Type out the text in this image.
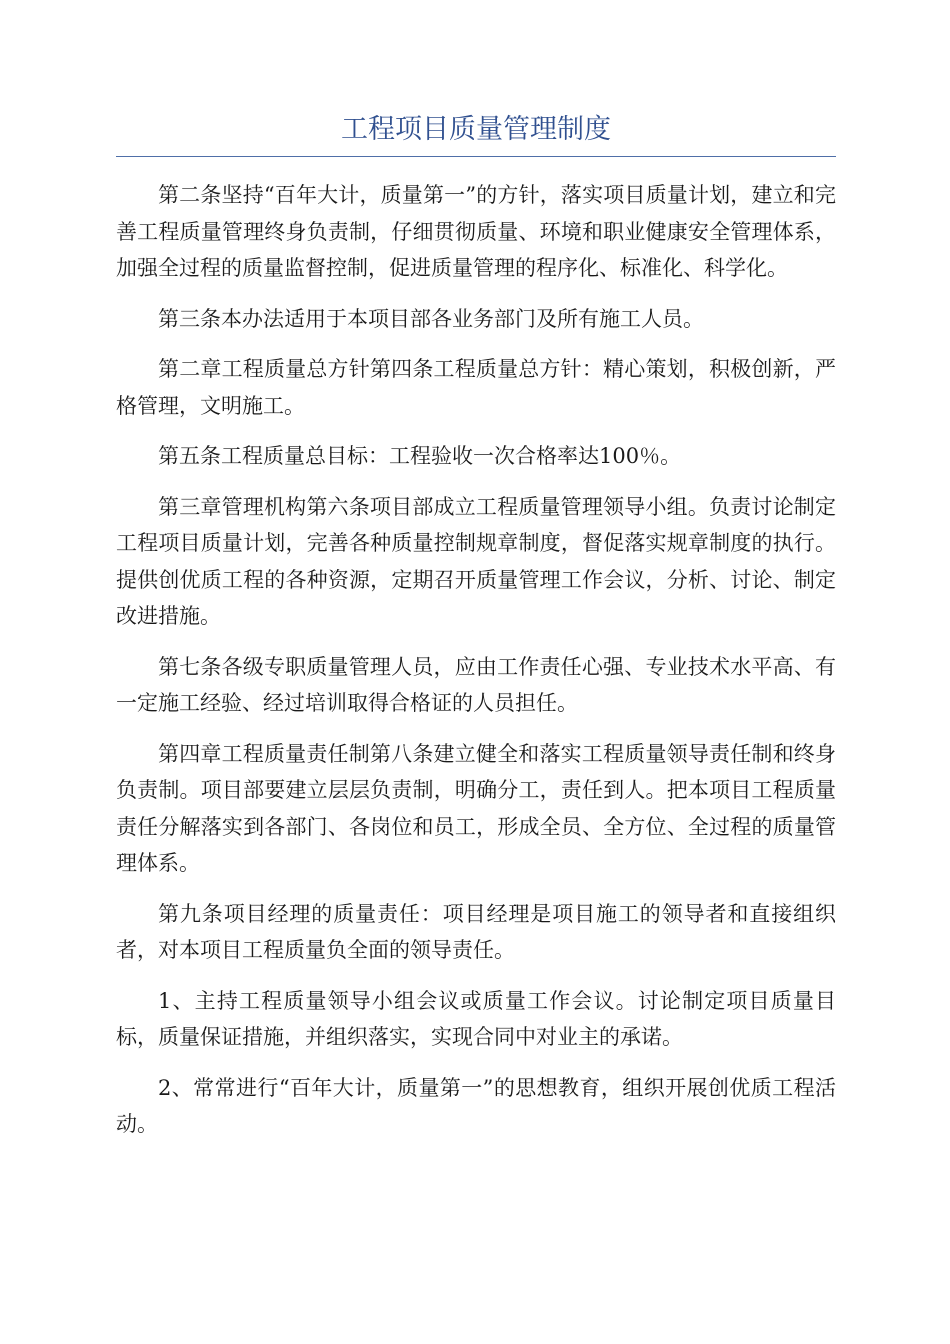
工程项目质量管理制度

第二条坚持“百年大计，质量第一”的方针，落实项目质量计划，建立和完善工程质量管理终身负责制，仔细贯彻质量、环境和职业健康安全管理体系，加强全过程的质量监督控制，促进质量管理的程序化、标准化、科学化。

第三条本办法适用于本项目部各业务部门及所有施工人员。

第二章工程质量总方针第四条工程质量总方针：精心策划，积极创新，严格管理，文明施工。

第五条工程质量总目标：工程验收一次合格率达100％。

第三章管理机构第六条项目部成立工程质量管理领导小组。负责讨论制定工程项目质量计划，完善各种质量控制规章制度，督促落实规章制度的执行。提供创优质工程的各种资源，定期召开质量管理工作会议，分析、讨论、制定改进措施。

第七条各级专职质量管理人员，应由工作责任心强、专业技术水平高、有一定施工经验、经过培训取得合格证的人员担任。

第四章工程质量责任制第八条建立健全和落实工程质量领导责任制和终身负责制。项目部要建立层层负责制，明确分工，责任到人。把本项目工程质量责任分解落实到各部门、各岗位和员工，形成全员、全方位、全过程的质量管理体系。

第九条项目经理的质量责任：项目经理是项目施工的领导者和直接组织者，对本项目工程质量负全面的领导责任。

1、主持工程质量领导小组会议或质量工作会议。讨论制定项目质量目标，质量保证措施，并组织落实，实现合同中对业主的承诺。

2、常常进行“百年大计，质量第一”的思想教育，组织开展创优质工程活动。
